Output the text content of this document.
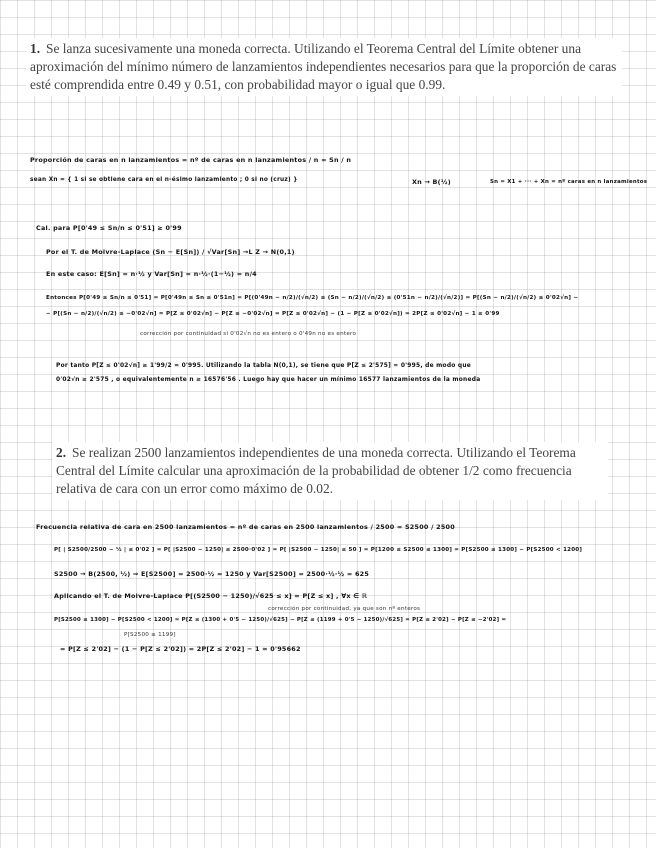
1. Se lanza sucesivamente una moneda correcta. Utilizando el Teorema Central del Límite obtener una aproximación del mínimo número de lanzamientos independientes necesarios para que la proporción de caras esté comprendida entre 0.49 y 0.51, con probabilidad mayor o igual que 0.99.
Proporción de caras en n lanzamientos = nº de caras en n lanzamientos / n = Sn / n
sean Xn = { 1 si se obtiene cara en el n-ésimo lanzamiento ; 0 si no (cruz) }	Xn → B(½)	Sn = X1 + ··· + Xn = nº caras en n lanzamientos
Cal. para P[0'49 ≤ Sn/n ≤ 0'51] ≥ 0'99
Por el T. de Moivre-Laplace (Sn − E[Sn]) / √Var[Sn] →L Z → N(0,1)
En este caso: E[Sn] = n·½ y Var[Sn] = n·½·(1−½) = n/4
Entonces P[0'49 ≤ Sn/n ≤ 0'51] = P[0'49n ≤ Sn ≤ 0'51n] = P[(0'49n − n/2)/(√n/2) ≤ (Sn − n/2)/(√n/2) ≤ (0'51n − n/2)/(√n/2)] = P[(Sn − n/2)/(√n/2) ≤ 0'02√n] −
− P[(Sn − n/2)/(√n/2) ≤ −0'02√n] ≃ P[Z ≤ 0'02√n] − P[Z ≤ −0'02√n] = P[Z ≤ 0'02√n] − (1 − P[Z ≤ 0'02√n]) = 2P[Z ≤ 0'02√n] − 1 ≥ 0'99
corrección por continuidad si 0'02√n no es entero o 0'49n no es entero
Por tanto P[Z ≤ 0'02√n] ≥ 1'99/2 = 0'995. Utilizando la tabla N(0,1), se tiene que P[Z ≤ 2'575] ≃ 0'995, de modo que
0'02√n ≥ 2'575 , o equivalentemente n ≥ 16576'56 . Luego hay que hacer un mínimo 16577 lanzamientos de la moneda
2. Se realizan 2500 lanzamientos independientes de una moneda correcta. Utilizando el Teorema Central del Límite calcular una aproximación de la probabilidad de obtener 1/2 como frecuencia relativa de cara con un error como máximo de 0.02.
Frecuencia relativa de cara en 2500 lanzamientos = nº de caras en 2500 lanzamientos / 2500 = S2500 / 2500
P[ | S2500/2500 − ½ | ≤ 0'02 ] = P[ |S2500 − 1250| ≤ 2500·0'02 ] = P[ |S2500 − 1250| ≤ 50 ] = P[1200 ≤ S2500 ≤ 1300] = P[S2500 ≤ 1300] − P[S2500 < 1200]
S2500 → B(2500, ½) ⇒ E[S2500] = 2500·½ = 1250 y Var[S2500] = 2500·½·½ = 625
Aplicando el T. de Moivre-Laplace P[(S2500 − 1250)/√625 ≤ x] ≃ P[Z ≤ x] , ∀x ∈ ℝ
corrección por continuidad, ya que son nº enteros
P[S2500 ≤ 1300] − P[S2500 < 1200] ≃ P[Z ≤ (1300 + 0'5 − 1250)/√625] − P[Z ≤ (1199 + 0'5 − 1250)/√625] = P[Z ≤ 2'02] − P[Z ≤ −2'02] =
P[S2500 ≤ 1199]
= P[Z ≤ 2'02] − (1 − P[Z ≤ 2'02]) = 2P[Z ≤ 2'02] − 1 ≃ 0'95662
